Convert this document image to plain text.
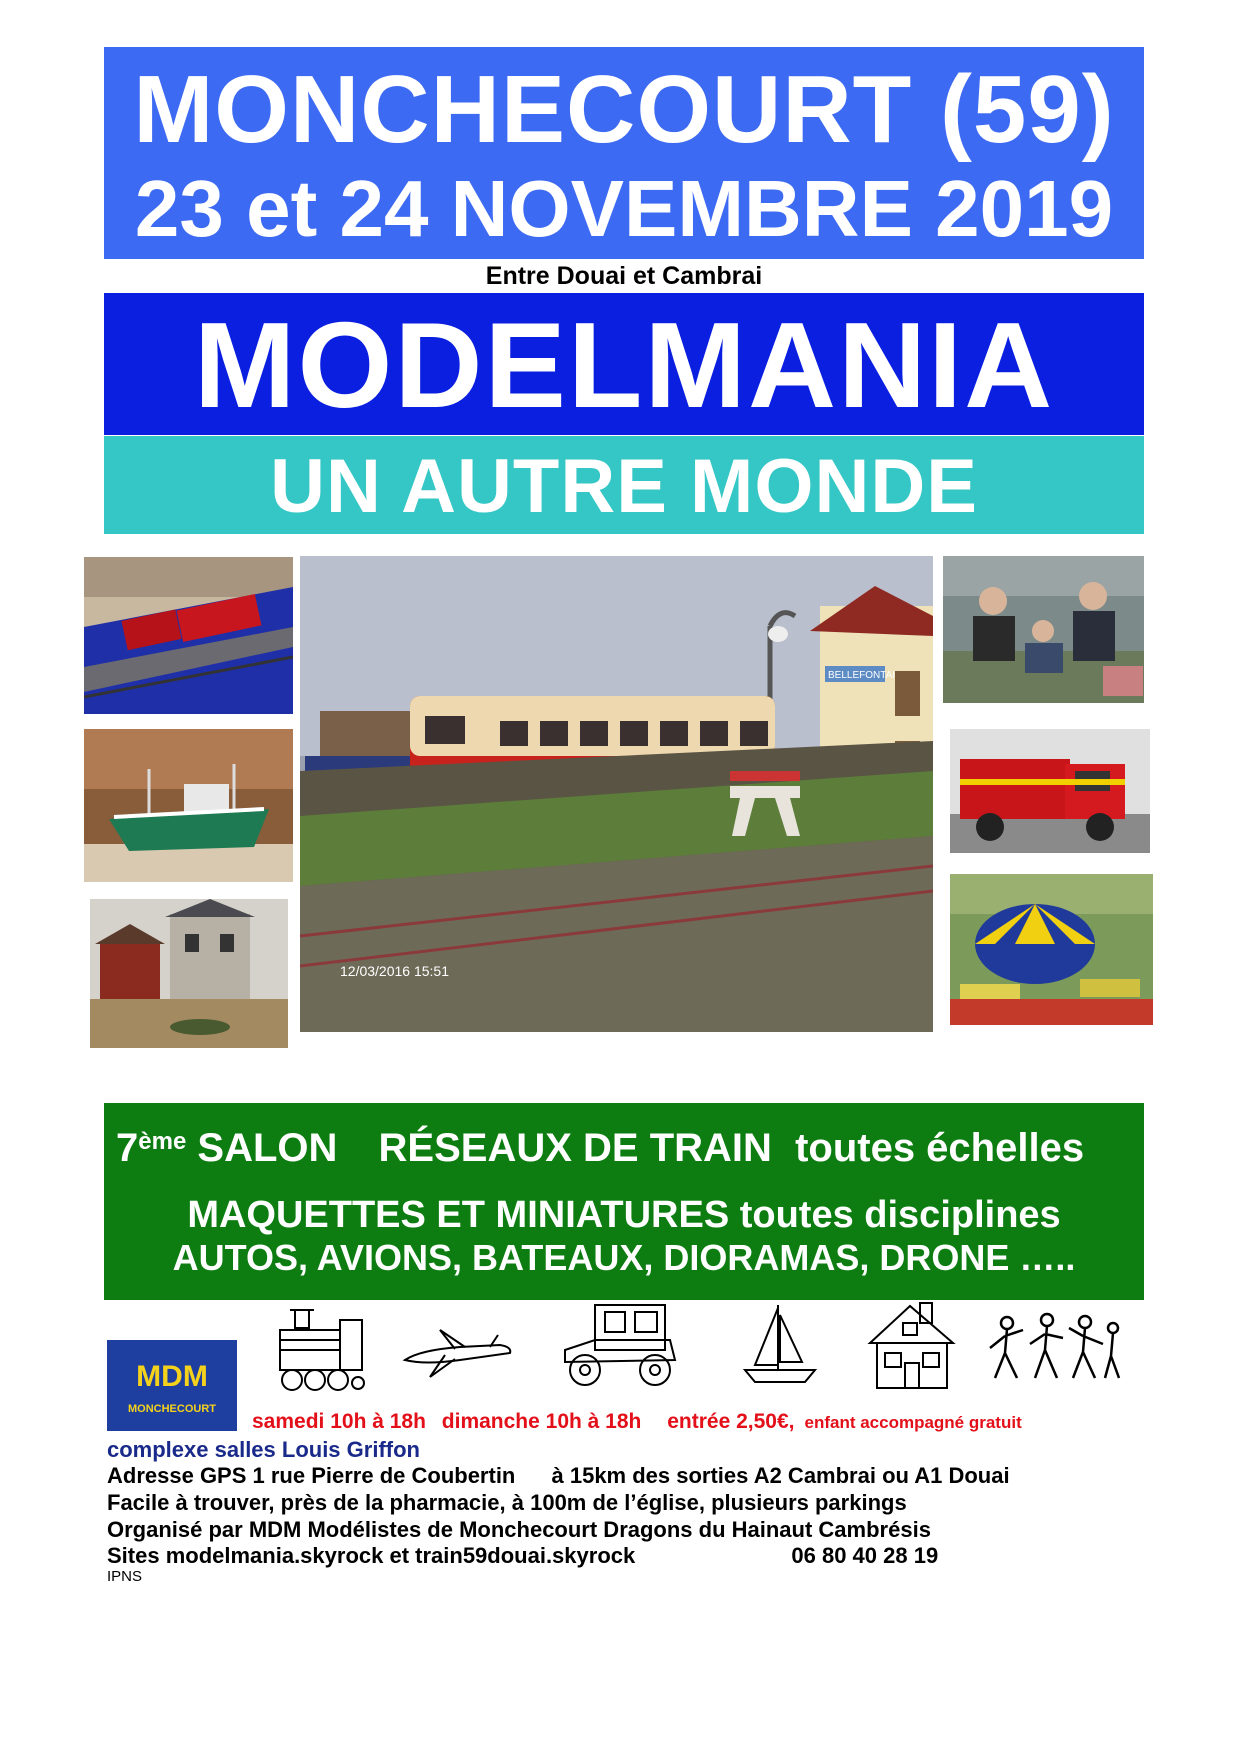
MONCHECOURT (59)
23 et 24 NOVEMBRE 2019
Entre Douai et Cambrai
MODELMANIA
UN AUTRE MONDE
BELLEFONTAI
12/03/2016 15:51
7ème SALON RÉSEAUX DE TRAIN toutes échelles
MAQUETTES ET MINIATURES toutes disciplines
AUTOS, AVIONS, BATEAUX, DIORAMAS, DRONE …..
MDM
MONCHECOURT
samedi 10h à 18h dimanche 10h à 18h entrée 2,50€, enfant accompagné gratuit
complexe salles Louis Griffon
Adresse GPS 1 rue Pierre de Coubertin à 15km des sorties A2 Cambrai ou A1 Douai
Facile à trouver, près de la pharmacie, à 100m de l’église, plusieurs parkings
Organisé par MDM Modélistes de Monchecourt Dragons du Hainaut Cambrésis
Sites modelmania.skyrock et train59douai.skyrock	06 80 40 28 19
IPNS
